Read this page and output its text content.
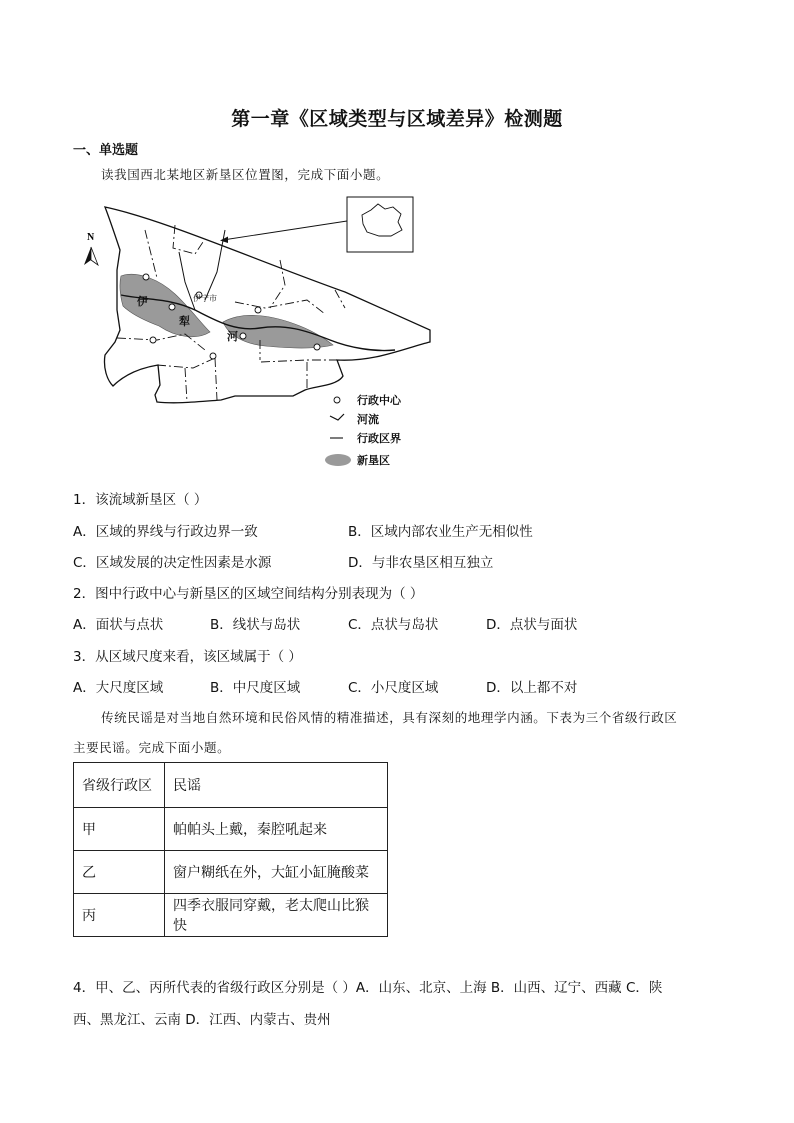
第一章《区域类型与区域差异》检测题
一、单选题
读我国西北某地区新垦区位置图，完成下面小题。
N
伊宁市
伊
犁
河
行政中心
河流
行政区界
新垦区
1．该流域新垦区（ ）
A．区域的界线与行政边界一致	B．区域内部农业生产无相似性
C．区域发展的决定性因素是水源	D．与非农垦区相互独立
2．图中行政中心与新垦区的区域空间结构分别表现为（ ）
A．面状与点状	B．线状与岛状	C．点状与岛状	D．点状与面状
3．从区域尺度来看，该区域属于（ ）
A．大尺度区域	B．中尺度区域	C．小尺度区域	D．以上都不对
传统民谣是对当地自然环境和民俗风情的精准描述，具有深刻的地理学内涵。下表为三个省级行政区
主要民谣。完成下面小题。
省级行政区	民谣
甲	帕帕头上戴，秦腔吼起来
乙	窗户糊纸在外，大缸小缸腌酸菜
丙	四季衣服同穿戴，老太爬山比猴快
4．甲、乙、丙所代表的省级行政区分别是（ ）A．山东、北京、上海 B．山西、辽宁、西藏 C．陕
西、黑龙江、云南 D．江西、内蒙古、贵州
